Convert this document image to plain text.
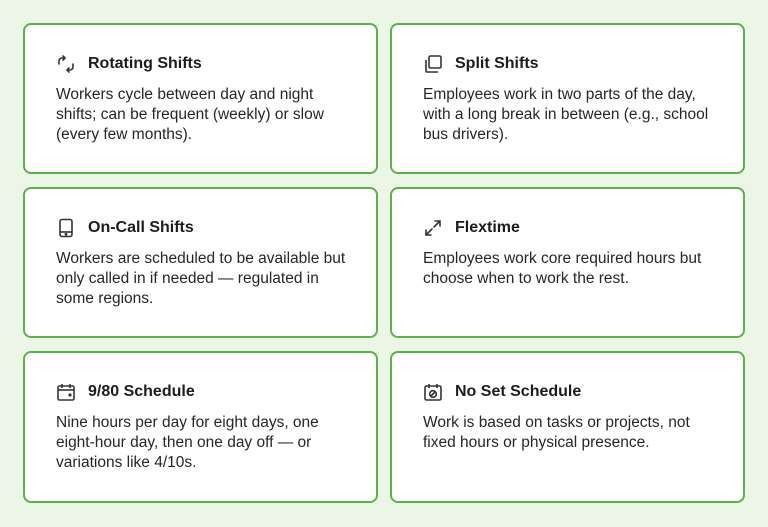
Rotating Shifts
Workers cycle between day and night shifts; can be frequent (weekly) or slow (every few months).
Split Shifts
Employees work in two parts of the day, with a long break in between (e.g., school bus drivers).
On-Call Shifts
Workers are scheduled to be available but only called in if needed — regulated in some regions.
Flextime
Employees work core required hours but choose when to work the rest.
9/80 Schedule
Nine hours per day for eight days, one eight-hour day, then one day off — or variations like 4/10s.
No Set Schedule
Work is based on tasks or projects, not fixed hours or physical presence.
